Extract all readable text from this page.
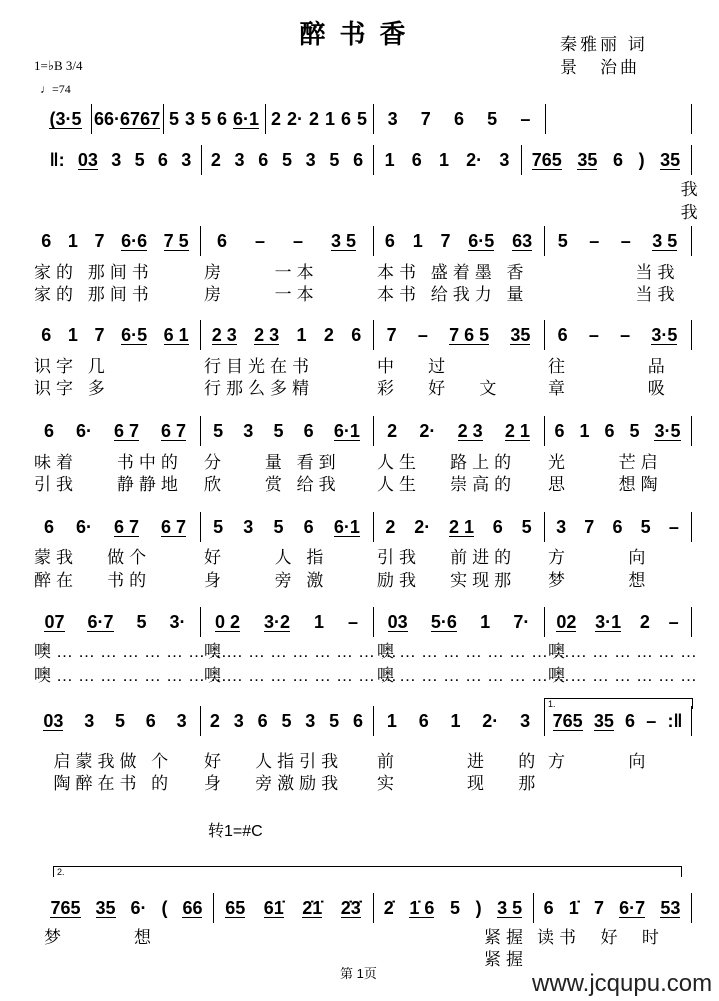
醉书香	秦雅丽 词
景　治曲
1=♭B 3/4
♩=74
转1=#C
1.
2.
(3·5 6 6· 67 67 5 3 5 6 6·1 2 2· 2 1 6 5 3 7 6 5 –
‖: 03 3 5 6 3 2 3 6 5 3 5 6 1 6 1 2· 3 765 35 6 ) 35
我
我
6 1 7 6·6 7 5
家的 那间书
家的 那间书
6 – – 3 5
房     一本
房     一本
6 1 7 6·5 63
本书 盛着墨 香
本书 给我力 量
5 – – 3 5
当我
当我
6 1 7 6·5 6 1
识字 几
识字 多
2 3 2 3 1 2 6
行目光在书
行那么多精
7 – 7 6 5 35
中   过
彩   好   文
6 – – 3·5
往        品
章        吸
6 6· 6 7 6 7
味着    书中的
引我    静静地
5 3 5 6 6·1
分    量 看到
欣    赏 给我
2 2· 2 3 2 1
人生   路上的
人生   崇高的
6 1 6 5 3·5
光     芒启
思     想陶
6 6· 6 7 6 7
蒙我   做个
醉在   书的
5 3 5 6 6·1
好     人 指
身     旁 激
2 2· 2 1 6 5
引我   前进的
励我   实现那
3 7 6 5 –
方      向
梦      想
07 6·7 5 3·
噢……………………
噢……………………
0 2 3·2 1 –
噢……………………
噢……………………
03 5·6 1 7·
噢……………………
噢……………………
02 3·1 2 –
噢………………
噢………………
03 3 5 6 3
启蒙我做 个
陶醉在书 的
2 3 6 5 3 5 6
好   人指引我
身   旁激励我
1 6 1 2· 3
前       进   的
实       现   那
765 35 6 – :‖
方      向
765 35 6· ( 66
梦       想
65 61̇ 2̇1̇ 2̇3̇ 2̇ 1̇ 6 5 ) 3 5
紧握
紧握
6 1̇ 7 6·7 53
读书  好  时
第 1页	www.jcqupu.com
